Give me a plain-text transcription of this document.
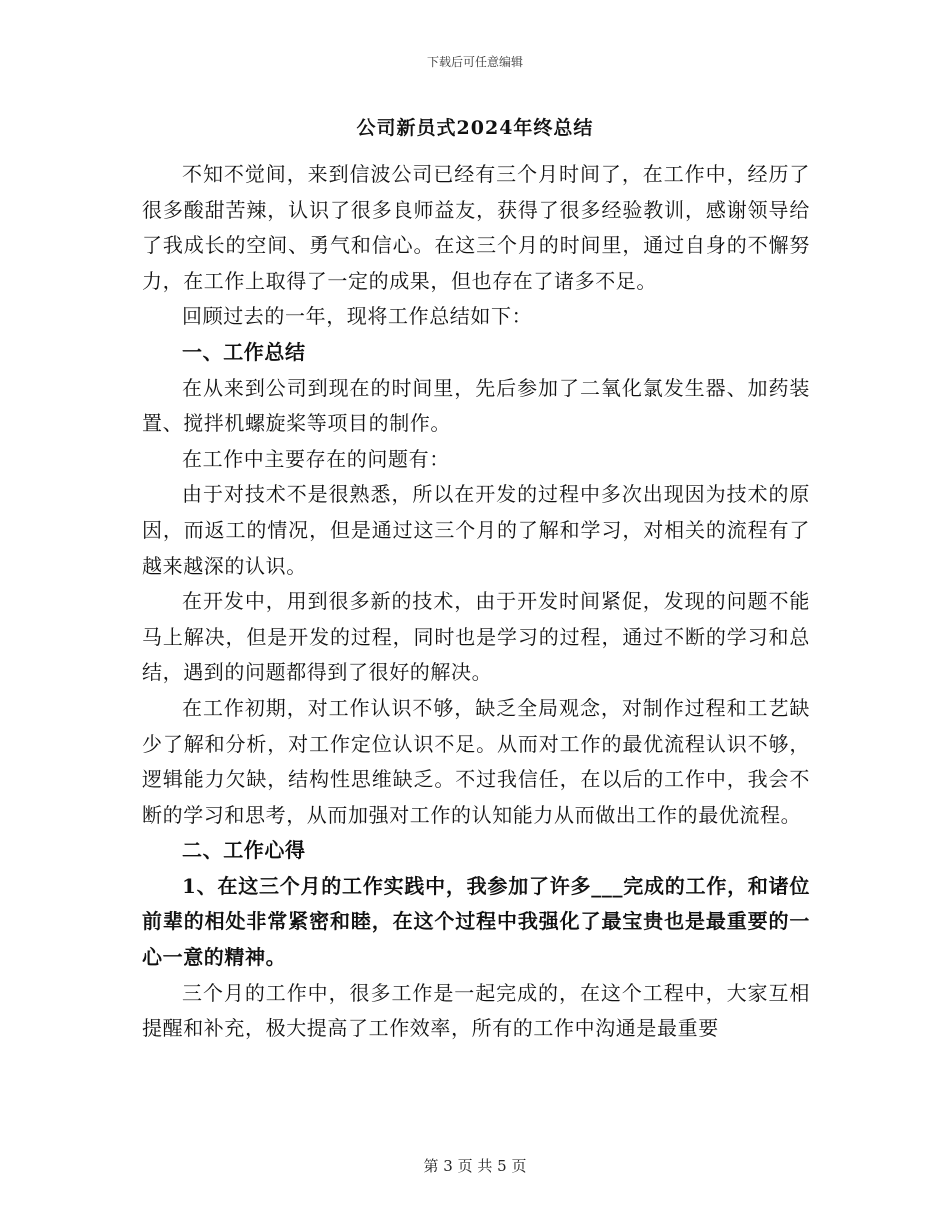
下载后可任意编辑
公司新员式2024年终总结

不知不觉间，来到信波公司已经有三个月时间了，在工作中，经历了很多酸甜苦辣，认识了很多良师益友，获得了很多经验教训，感谢领导给了我成长的空间、勇气和信心。在这三个月的时间里，通过自身的不懈努力，在工作上取得了一定的成果，但也存在了诸多不足。

回顾过去的一年，现将工作总结如下：

一、工作总结

在从来到公司到现在的时间里，先后参加了二氧化氯发生器、加药装置、搅拌机螺旋桨等项目的制作。

在工作中主要存在的问题有：

由于对技术不是很熟悉，所以在开发的过程中多次出现因为技术的原因，而返工的情况，但是通过这三个月的了解和学习，对相关的流程有了越来越深的认识。

在开发中，用到很多新的技术，由于开发时间紧促，发现的问题不能马上解决，但是开发的过程，同时也是学习的过程，通过不断的学习和总结，遇到的问题都得到了很好的解决。

在工作初期，对工作认识不够，缺乏全局观念，对制作过程和工艺缺少了解和分析，对工作定位认识不足。从而对工作的最优流程认识不够，逻辑能力欠缺，结构性思维缺乏。不过我信任，在以后的工作中，我会不断的学习和思考，从而加强对工作的认知能力从而做出工作的最优流程。

二、工作心得

1、在这三个月的工作实践中，我参加了许多___完成的工作，和诸位前辈的相处非常紧密和睦，在这个过程中我强化了最宝贵也是最重要的一心一意的精神。

三个月的工作中，很多工作是一起完成的，在这个工程中，大家互相提醒和补充，极大提高了工作效率，所有的工作中沟通是最重要

第 3 页 共 5 页
